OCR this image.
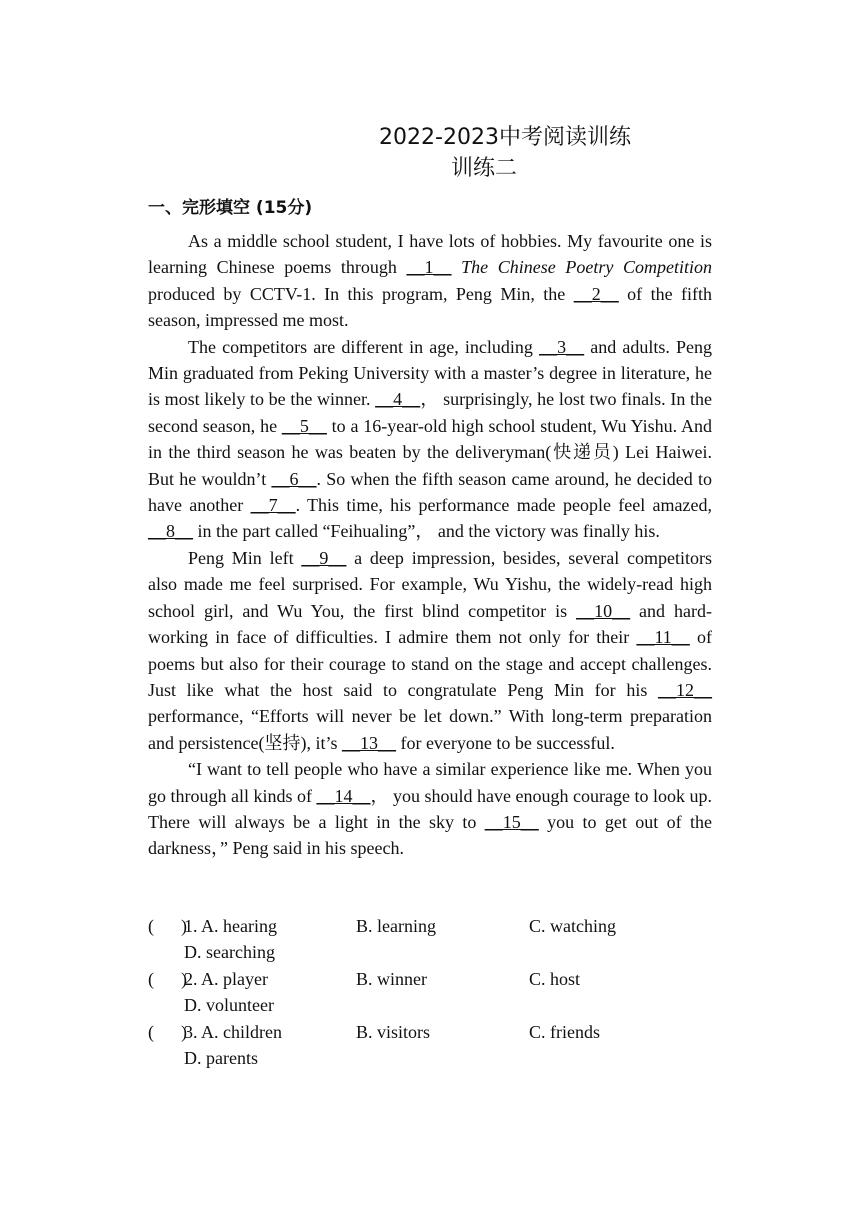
2022-2023中考阅读训练
训练二
一、完形填空 (15分)

As a middle school student, I have lots of hobbies. My favourite one is learning Chinese poems through __1__ The Chinese Poetry Competition produced by CCTV-1. In this program, Peng Min, the __2__ of the fifth season, impressed me most.

The competitors are different in age, including __3__ and adults. Peng Min graduated from Peking University with a master’s degree in literature, he is most likely to be the winner. __4__， surprisingly, he lost two finals. In the second season, he __5__ to a 16-year-old high school student, Wu Yishu. And in the third season he was beaten by the deliveryman(快递员) Lei Haiwei. But he wouldn’t __6__. So when the fifth season came around, he decided to have another __7__. This time, his performance made people feel amazed, __8__ in the part called “Feihualing”， and the victory was finally his.

Peng Min left __9__ a deep impression, besides, several competitors also made me feel surprised. For example, Wu Yishu, the widely-read high school girl, and Wu You, the first blind competitor is __10__ and hard-working in face of difficulties. I admire them not only for their __11__ of poems but also for their courage to stand on the stage and accept challenges. Just like what the host said to congratulate Peng Min for his __12__ performance, “Efforts will never be let down.” With long-term preparation and persistence(坚持), it’s __13__ for everyone to be successful.

“I want to tell people who have a similar experience like me. When you go through all kinds of __14__， you should have enough courage to look up. There will always be a light in the sky to __15__ you to get out of the darkness，” Peng said in his speech.

(      )
1. A. hearing	B. learning	C. watching
D. searching
(      )
2. A. player	B. winner	C. host
D. volunteer
(      )
3. A. children	B. visitors	C. friends
D. parents
